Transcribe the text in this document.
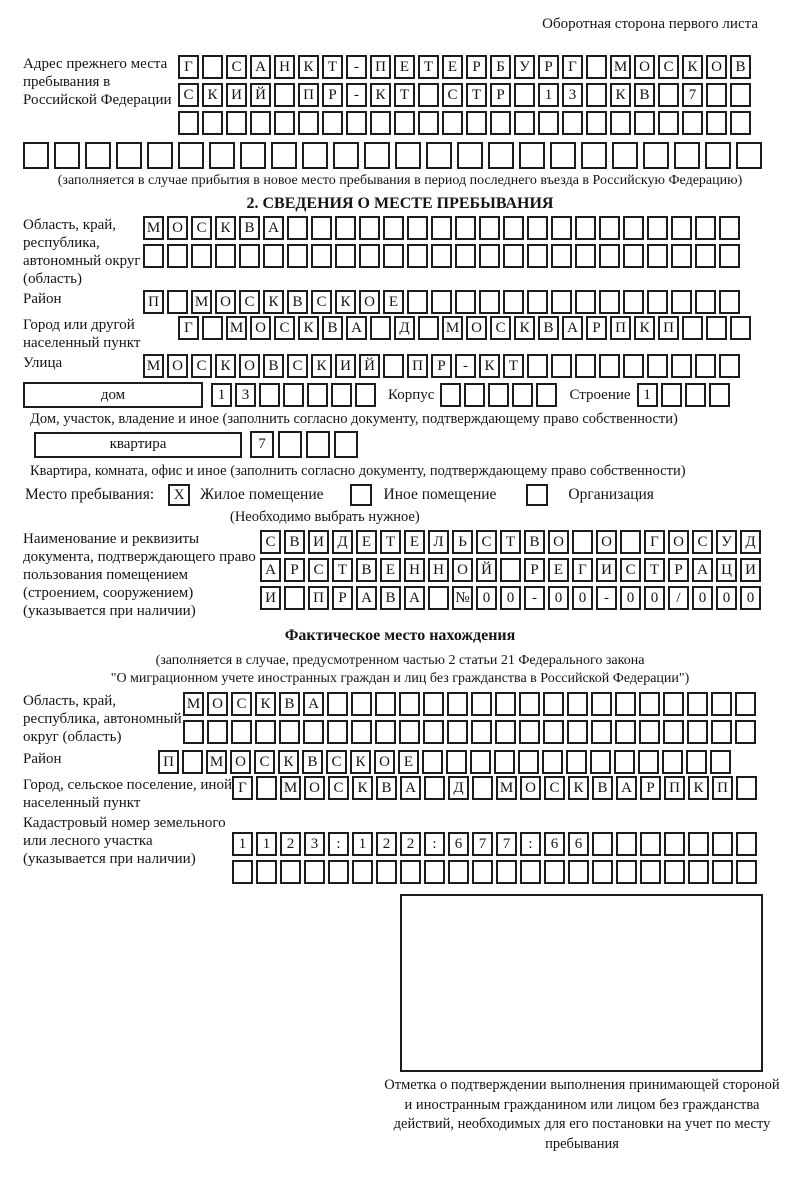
Оборотная сторона первого листа
Адрес прежнего места пребывания в Российской Федерации
Г	С А Н К Т	-	П Е Т Е	Р	Б У Р	Г	М О С К О В
С К И Й	П Р	-	К Т	С Т	Р	1	3	К В	7
(заполняется в случае прибытия в новое место пребывания в период последнего въезда в Российскую Федерацию)
2. СВЕДЕНИЯ О МЕСТЕ ПРЕБЫВАНИЯ
Область, край, республика, автономный округ (область)
М О С К В А
Район	П	М О С К В С К О Е
Город или другой населенный пункт
Г	М О С К В А	Д	М О С К В А Р П К П
Улица	М О С К О В С К И Й	П Р	-	К Т
дом	1	3	Корпус	Строение 1
Дом, участок, владение и иное (заполнить согласно документу, подтверждающему право собственности)
квартира	7
Квартира, комната, офис и иное (заполнить согласно документу, подтверждающему право собственности)
Место пребывания:	X	Жилое помещение	Иное помещение	Организация
(Необходимо выбрать нужное)
Наименование и реквизиты документа, подтверждающего право пользования помещением (строением, сооружением) (указывается при наличии)
С В И Д Е Т Е Л Ь С Т В О	О	Г О С У Д
А Р С Т В Е Н Н О Й	Р	Е	Г И С Т	Р А Ц И
И	П Р А В А	№ 0	0	-	0	0	-	0	0	/	0	0	0
Фактическое место нахождения
(заполняется в случае, предусмотренном частью 2 статьи 21 Федерального закона
"О миграционном учете иностранных граждан и лиц без гражданства в Российской Федерации")
Область, край, республика, автономный округ (область)
М О С К В А
Район	П	М О С К В С К О Е
Город, сельское поселение, иной населенный пункт
Г	М О С К В А	Д	М О С К В А Р П К П
Кадастровый номер земельного или лесного участка (указывается при наличии)
1	1	2	3	:	1	2	2	:	6	7	7	:	6	6
Отметка о подтверждении выполнения принимающей стороной и иностранным гражданином или лицом без гражданства действий, необходимых для его постановки на учет по месту пребывания
